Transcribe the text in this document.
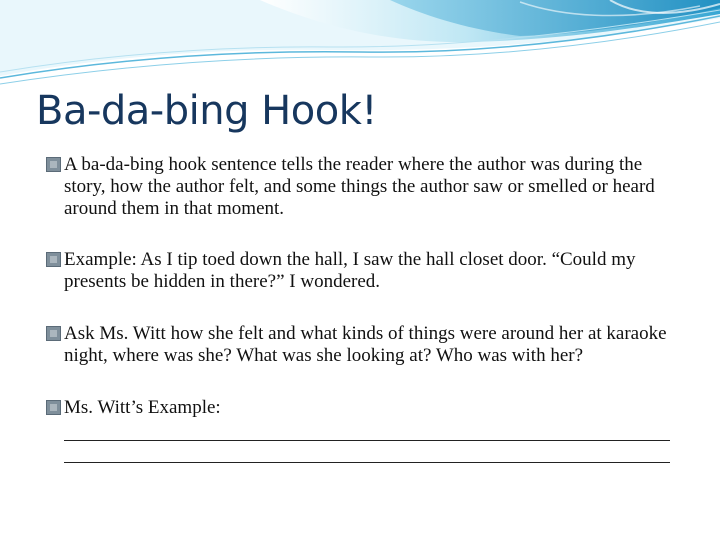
Ba-da-bing Hook!
A ba-da-bing hook sentence tells the reader where the author was during the story, how the author felt, and some things the author saw or smelled or heard around them in that moment.
Example: As I tip toed down the hall, I saw the hall closet door. “Could my presents be hidden in there?” I wondered.
Ask Ms. Witt how she felt and what kinds of things were around her at karaoke night, where was she? What was she looking at? Who was with her?
Ms. Witt’s Example:
